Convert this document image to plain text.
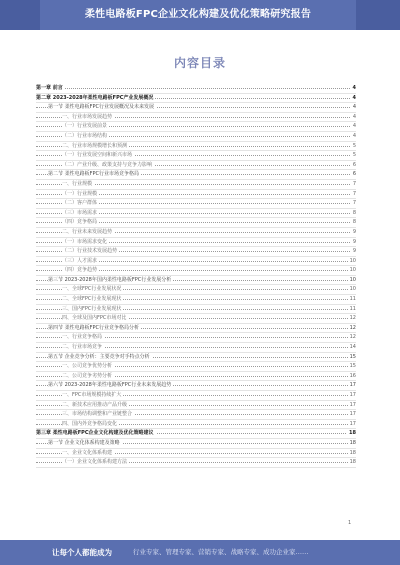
柔性电路板FPC企业文化构建及优化策略研究报告
内容目录
第一章 前言	4
第二章 2023-2028年柔性电路板FPC产业发展概况	4
第一节 柔性电路板FPC行业发展概况及未来发展	4
一、行业市场发展趋势	4
（一）行业发展前景	4
（二）行业市场结构	4
二、行业市场规模增长和预测	5
（一）行业发展空间和新兴市场	5
（二）产业升级、政策支持与竞争力影响	6
第二节 柔性电路板FPC行业市场竞争格局	6
一、行业规模	7
（一）行业规模	7
（二）客户群体	7
（三）市场需求	8
（四）竞争格局	8
二、行业未来发展趋势	9
（一）市场需求变化	9
（二）行业技术发展趋势	9
（三）人才需求	10
（四）竞争趋势	10
第三节 2023-2028年国内柔性电路板FPC行业发展分析	10
一、全球FPC行业发展状况	10
二、全球FPC行业发展现状	11
三、国内FPC行业发展现状	11
四、全球及国内FPC市场对比	12
第四节 柔性电路板FPC行业竞争格局分析	12
一、行业竞争格局	12
二、行业市场竞争	14
第五节 企业竞争分析：主要竞争对手特点分析	15
一、公司竞争优势分析	15
二、公司竞争劣势分析	16
第六节 2023-2028年柔性电路板FPC行业未来发展趋势	17
一、FPC市场规模持续扩大	17
二、新技术应用推动产品升级	17
三、市场结构调整和产业链整合	17
四、国内外竞争格局变化	17
第三章 柔性电路板FPC企业文化构建及优化策略建议	18
第一节 企业文化体系构建及策略	18
一、企业文化体系构建	18
（一）企业文化体系构建方法	18
1
让每个人都能成为	行业专家、管理专家、营销专家、战略专家、成功企业家……
